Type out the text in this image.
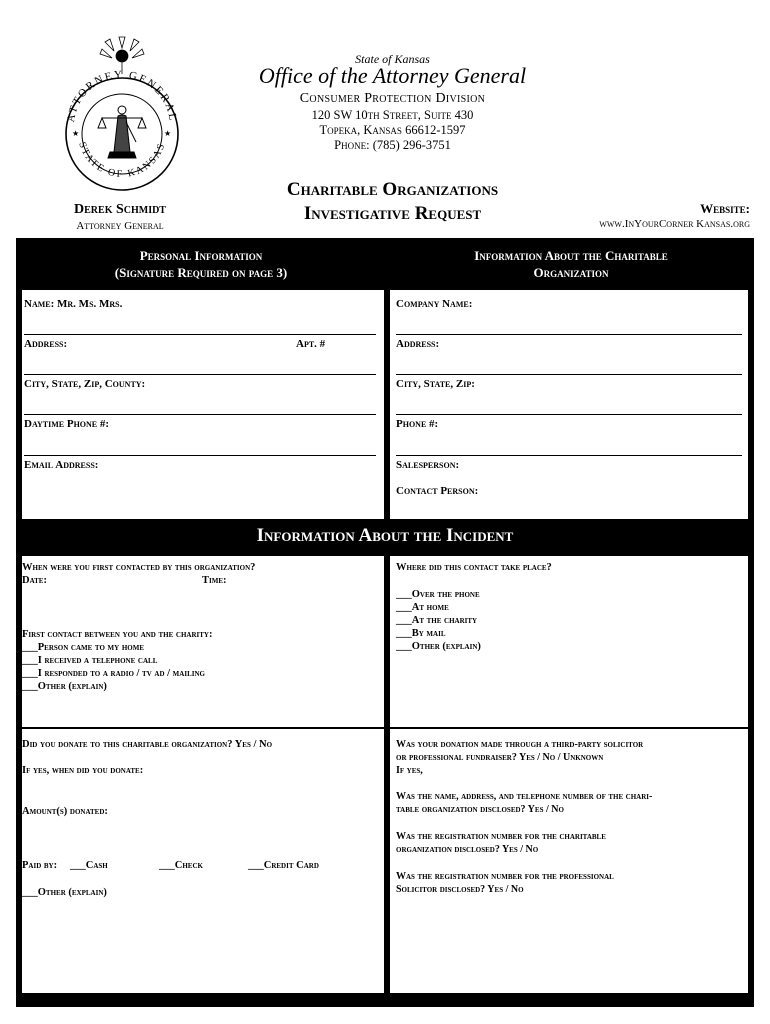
ATTORNEY GENERAL
STATE OF KANSAS
★	★
State of Kansas
Office of the Attorney General
Consumer Protection Division
120 SW 10th Street, Suite 430
Topeka, Kansas 66612-1597
Phone: (785) 296-3751
Charitable Organizations
Investigative Request
Derek Schmidt
Attorney General
Website:
www.InYourCorner Kansas.org
Personal Information
(Signature Required on page 3)
Information About the Charitable
Organization
Name: Mr. Ms. Mrs.
Address:	Apt. #
City, State, Zip, County:
Daytime Phone #:
Email Address:
Company Name:
Address:
City, State, Zip:
Phone #:
Salesperson:
Contact Person:
Information About the Incident
When were you first contacted by this organization?
Date:	Time:
First contact between you and the charity:
___Person came to my home
___I received a telephone call
___I responded to a radio / tv ad / mailing
___Other (explain)
Where did this contact take place?
___Over the phone
___At home
___At the charity
___By mail
___Other (explain)
Did you donate to this charitable organization? Yes / No
If yes, when did you donate:
Amount(s) donated:
Paid by: ___Cash	___Check	___Credit Card
___Other (explain)
Was your donation made through a third-party solicitor
or professional fundraiser? Yes / No / Unknown
If yes,
Was the name, address, and telephone number of the chari-
table organization disclosed? Yes / No
Was the registration number for the charitable
organization disclosed? Yes / No
Was the registration number for the professional
Solicitor disclosed? Yes / No
